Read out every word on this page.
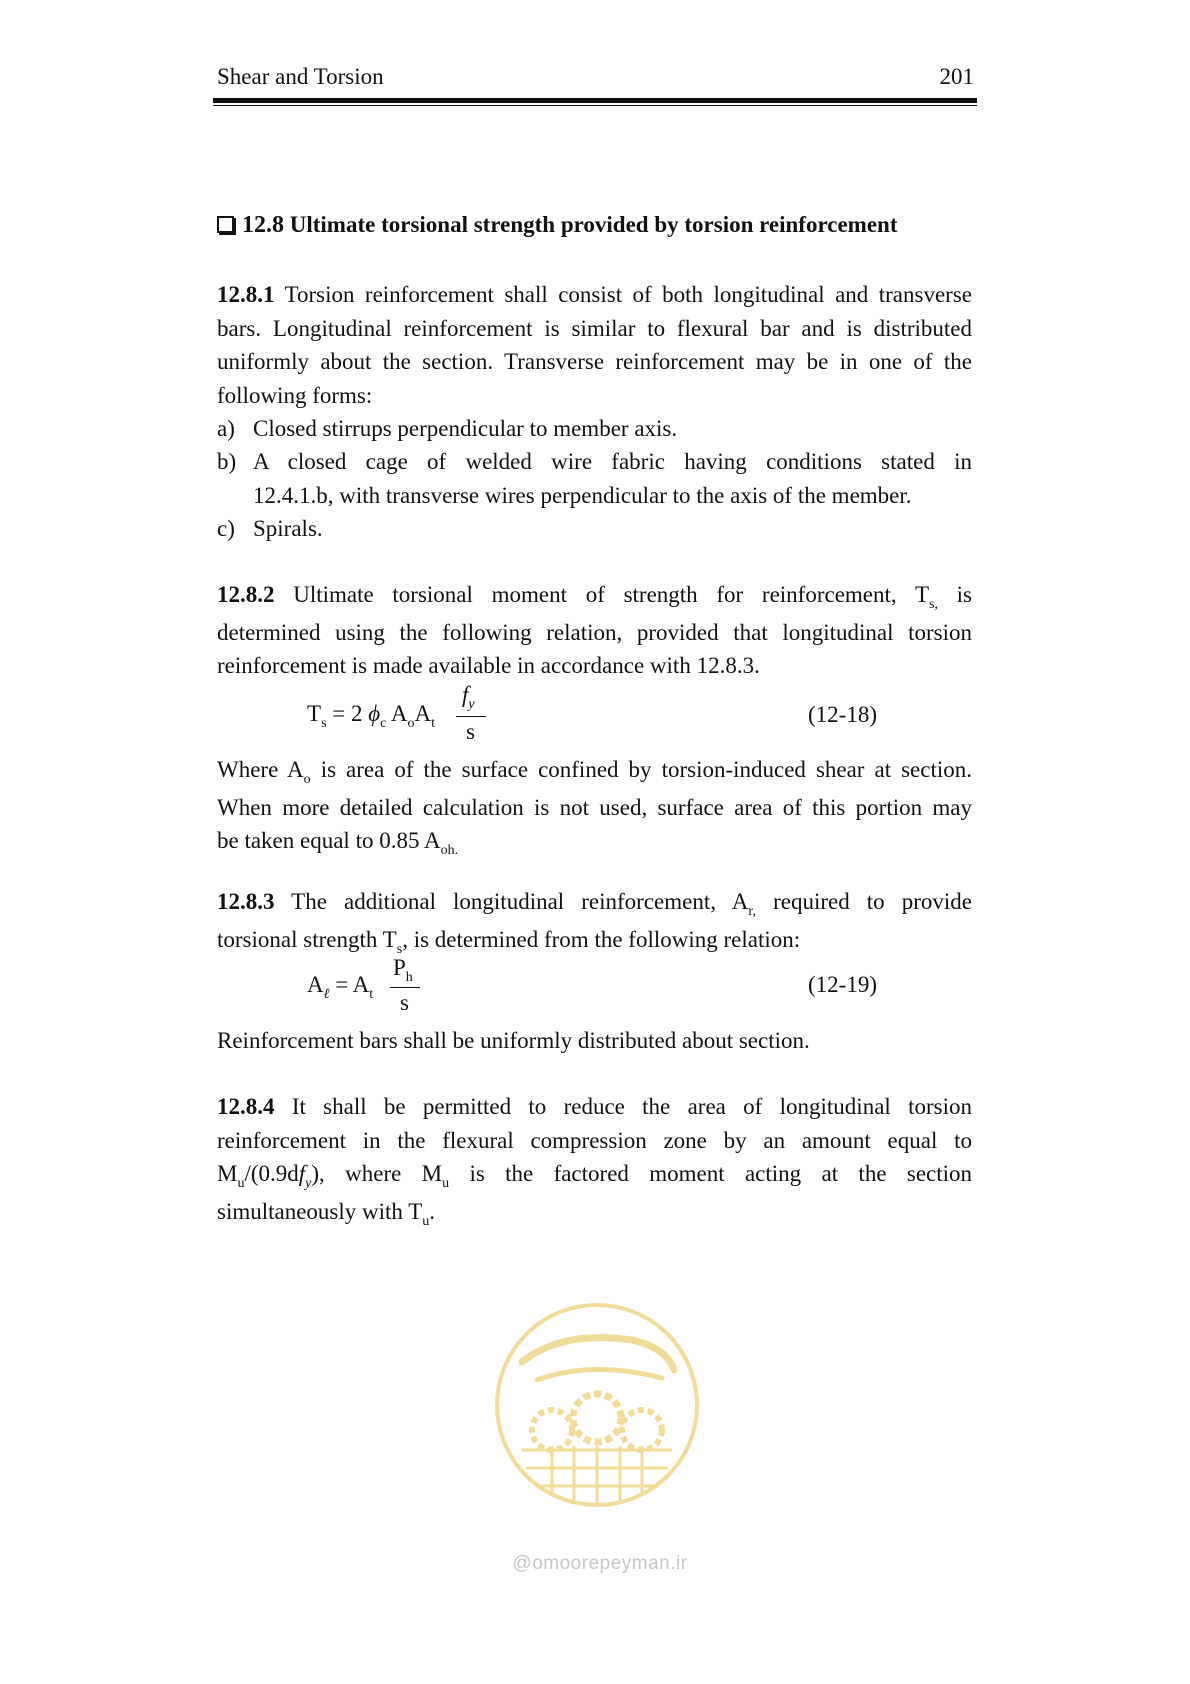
Shear and Torsion	201
12.8 Ultimate torsional strength provided by torsion reinforcement
12.8.1 Torsion reinforcement shall consist of both longitudinal and transverse
bars. Longitudinal reinforcement is similar to flexural bar and is distributed
uniformly about the section. Transverse reinforcement may be in one of the
following forms:
a) Closed stirrups perpendicular to member axis.
b) A closed cage of welded wire fabric having conditions stated in
12.4.1.b, with transverse wires perpendicular to the axis of the member.
c) Spirals.
12.8.2 Ultimate torsional moment of strength for reinforcement, $T_{s,}$ is
determined using the following relation, provided that longitudinal torsion
reinforcement is made available in accordance with 12.8.3.
$T_s = 2$ $\phi_c$ $A_oA_t$
$f_y$
s
(12-18)
Where $A_o$ is area of the surface confined by torsion-induced shear at section.
When more detailed calculation is not used, surface area of this portion may
be taken equal to 0.85 $A_{oh.}$
12.8.3 The additional longitudinal reinforcement, $A_{r,}$ required to provide
torsional strength $T_s$, is determined from the following relation:
$A_\ell = A_t$
$P_h$
s
(12-19)
Reinforcement bars shall be uniformly distributed about section.
12.8.4 It shall be permitted to reduce the area of longitudinal torsion
reinforcement in the flexural compression zone by an amount equal to
$M_u/(0.9df_y)$, where $M_u$ is the factored moment acting at the section
simultaneously with $T_u$.
@omoorepeyman.ir
